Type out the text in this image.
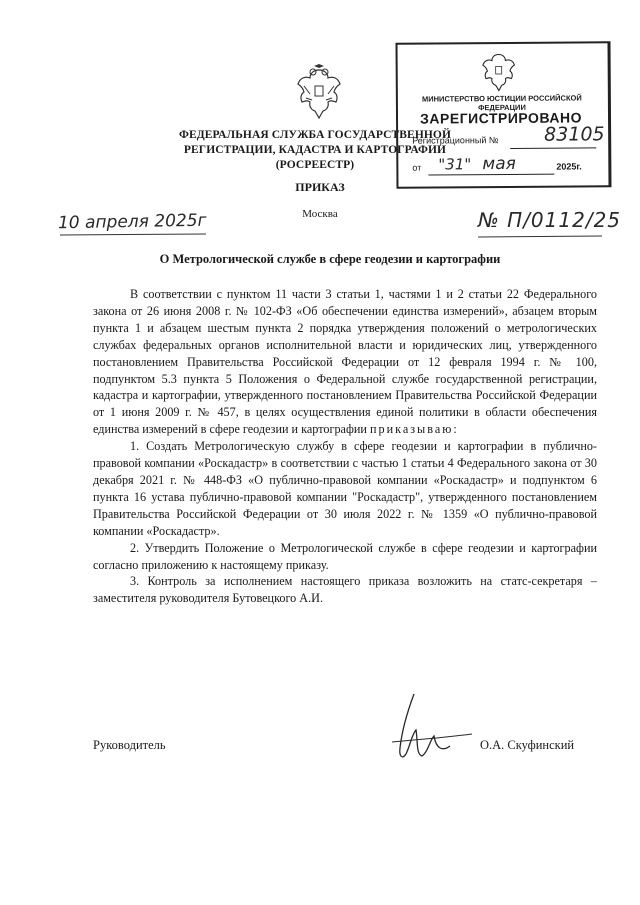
ФЕДЕРАЛЬНАЯ СЛУЖБА ГОСУДАРСТВЕННОЙ
РЕГИСТРАЦИИ, КАДАСТРА И КАРТОГРАФИИ
(РОСРЕЕСТР)
ПРИКАЗ
Москва
10 апреля 2025г	№ П/0112/25
МИНИСТЕРСТВО ЮСТИЦИИ РОССИЙСКОЙ ФЕДЕРАЦИИ
ЗАРЕГИСТРИРОВАНО
Регистрационный № 83105
от "31" мая	2025г.
О Метрологической службе в сфере геодезии и картографии

В соответствии с пунктом 11 части 3 статьи 1, частями 1 и 2 статьи 22 Федерального закона от 26 июня 2008 г. № 102-ФЗ «Об обеспечении единства измерений», абзацем вторым пункта 1 и абзацем шестым пункта 2 порядка утверждения положений о метрологических службах федеральных органов исполнительной власти и юридических лиц, утвержденного постановлением Правительства Российской Федерации от 12 февраля 1994 г. № 100, подпунктом 5.3 пункта 5 Положения о Федеральной службе государственной регистрации, кадастра и картографии, утвержденного постановлением Правительства Российской Федерации от 1 июня 2009 г. № 457, в целях осуществления единой политики в области обеспечения единства измерений в сфере геодезии и картографии приказываю:

1. Создать Метрологическую службу в сфере геодезии и картографии в публично-правовой компании «Роскадастр» в соответствии с частью 1 статьи 4 Федерального закона от 30 декабря 2021 г. № 448-ФЗ «О публично-правовой компании «Роскадастр» и подпунктом 6 пункта 16 устава публично-правовой компании "Роскадастр", утвержденного постановлением Правительства Российской Федерации от 30 июля 2022 г. № 1359 «О публично-правовой компании «Роскадастр».

2. Утвердить Положение о Метрологической службе в сфере геодезии и картографии согласно приложению к настоящему приказу.

3. Контроль за исполнением настоящего приказа возложить на статс-секретаря – заместителя руководителя Бутовецкого А.И.

Руководитель	О.А. Скуфинский
